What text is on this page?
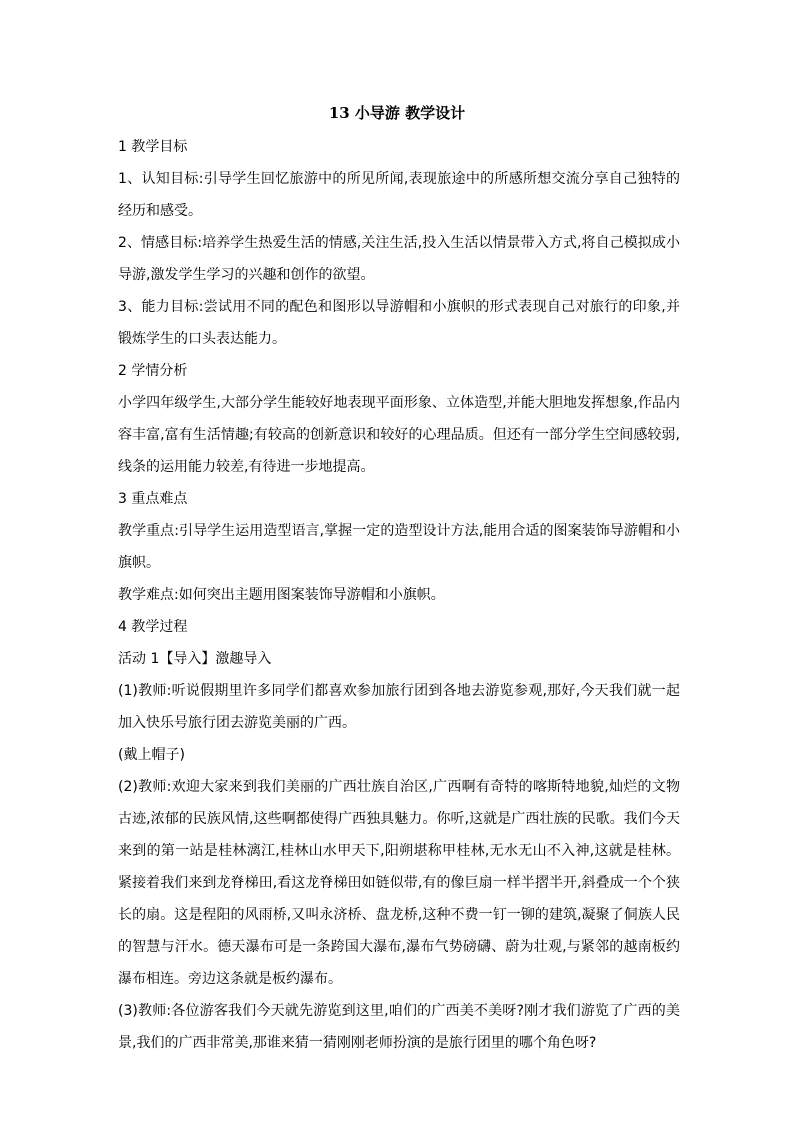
13 小导游 教学设计

1 教学目标

1、认知目标:引导学生回忆旅游中的所见所闻,表现旅途中的所感所想交流分享自己独特的经历和感受。

2、情感目标:培养学生热爱生活的情感,关注生活,投入生活以情景带入方式,将自己模拟成小导游,激发学生学习的兴趣和创作的欲望。

3、能力目标:尝试用不同的配色和图形以导游帽和小旗帜的形式表现自己对旅行的印象,并锻炼学生的口头表达能力。

2 学情分析

小学四年级学生,大部分学生能较好地表现平面形象、立体造型,并能大胆地发挥想象,作品内容丰富,富有生活情趣;有较高的创新意识和较好的心理品质。但还有一部分学生空间感较弱,线条的运用能力较差,有待进一步地提高。

3 重点难点

教学重点:引导学生运用造型语言,掌握一定的造型设计方法,能用合适的图案装饰导游帽和小旗帜。

教学难点:如何突出主题用图案装饰导游帽和小旗帜。

4 教学过程

活动 1【导入】激趣导入

(1)教师:听说假期里许多同学们都喜欢参加旅行团到各地去游览参观,那好,今天我们就一起加入快乐号旅行团去游览美丽的广西。

(戴上帽子)

(2)教师:欢迎大家来到我们美丽的广西壮族自治区,广西啊有奇特的喀斯特地貌,灿烂的文物古迹,浓郁的民族风情,这些啊都使得广西独具魅力。你听,这就是广西壮族的民歌。我们今天来到的第一站是桂林漓江,桂林山水甲天下,阳朔堪称甲桂林,无水无山不入神,这就是桂林。紧接着我们来到龙脊梯田,看这龙脊梯田如链似带,有的像巨扇一样半摺半开,斜叠成一个个狭长的扇。这是程阳的风雨桥,又叫永济桥、盘龙桥,这种不费一钉一铆的建筑,凝聚了侗族人民的智慧与汗水。德天瀑布可是一条跨国大瀑布,瀑布气势磅礴、蔚为壮观,与紧邻的越南板约瀑布相连。旁边这条就是板约瀑布。

(3)教师:各位游客我们今天就先游览到这里,咱们的广西美不美呀?刚才我们游览了广西的美景,我们的广西非常美,那谁来猜一猜刚刚老师扮演的是旅行团里的哪个角色呀?
